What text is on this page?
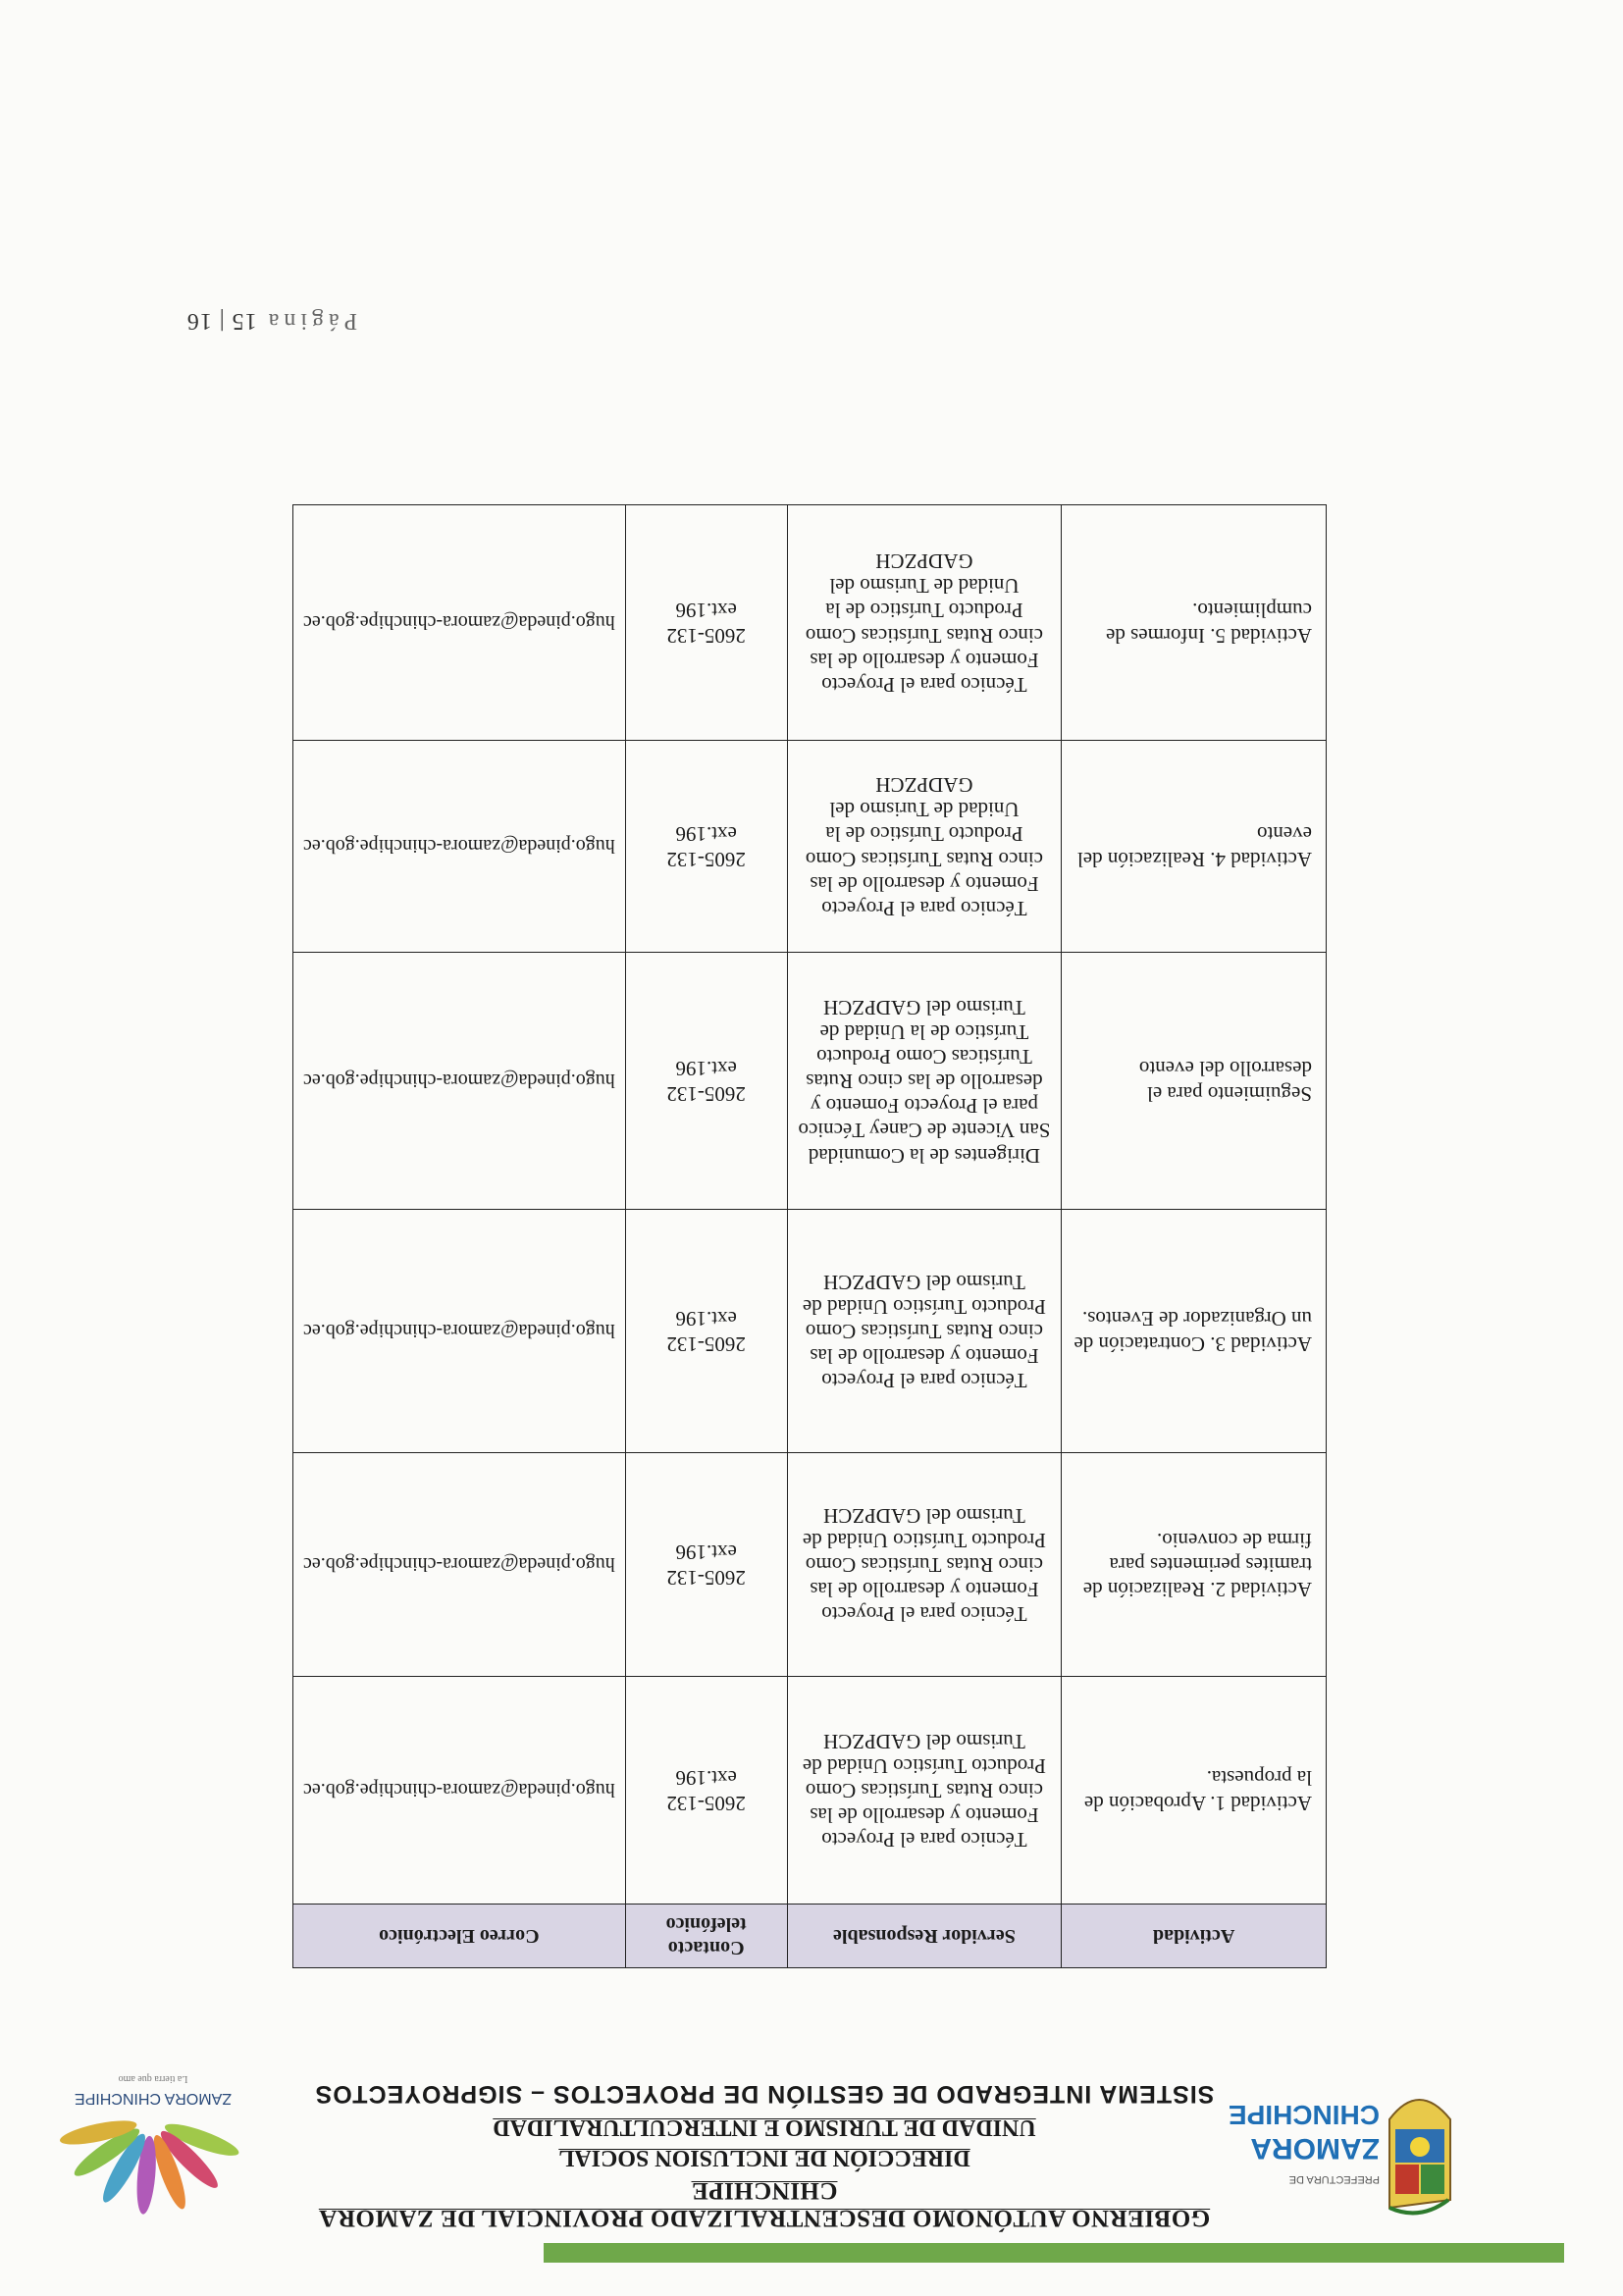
PREFECTURA DE
ZAMORA
CHINCHIPE
GOBIERNO AUTÓNOMO DESCENTRALIZADO PROVINCIAL DE ZAMORA CHINCHIPE
DIRECCIÓN DE INCLUSION SOCIAL
UNIDAD DE TURISMO E INTERCULTURALIDAD
SISTEMA INTEGRADO DE GESTIÓN DE PROYECTOS – SIGPROYECTOS
ZAMORA CHINCHIPE
La tierra que amo
Actividad	Servidor Responsable	Contacto telefónico	Correo Electrónico
Actividad 1. Aprobación de la propuesta.	Técnico para el Proyecto Fomento y desarrollo de las cinco Rutas Turísticas Como Producto Turístico Unidad de Turismo del GADPZCH	2605-132 ext.196	hugo.pineda@zamora-chinchipe.gob.ec
Actividad 2. Realización de tramites perimentes para firma de convenio.	Técnico para el Proyecto Fomento y desarrollo de las cinco Rutas Turísticas Como Producto Turístico Unidad de Turismo del GADPZCH	2605-132 ext.196	hugo.pineda@zamora-chinchipe.gob.ec
Actividad 3. Contratación de un Organizador de Eventos.	Técnico para el Proyecto Fomento y desarrollo de las cinco Rutas Turísticas Como Producto Turístico Unidad de Turismo del GADPZCH	2605-132 ext.196	hugo.pineda@zamora-chinchipe.gob.ec
Seguimiento para el desarrollo del evento	Dirigentes de la Comunidad San Vicente de Caney Técnico para el Proyecto Fomento y desarrollo de las cinco Rutas Turísticas Como Producto Turístico de la Unidad de Turismo del GADPZCH	2605-132 ext.196	hugo.pineda@zamora-chinchipe.gob.ec
Actividad 4. Realización del evento	Técnico para el Proyecto Fomento y desarrollo de las cinco Rutas Turísticas Como Producto Turístico de la Unidad de Turismo del GADPZCH	2605-132 ext.196	hugo.pineda@zamora-chinchipe.gob.ec
Actividad 5. Informes de cumplimiento.	Técnico para el Proyecto Fomento y desarrollo de las cinco Rutas Turísticas Como Producto Turístico de la Unidad de Turismo del GADPZCH	2605-132 ext.196	hugo.pineda@zamora-chinchipe.gob.ec
Página 15 | 16
